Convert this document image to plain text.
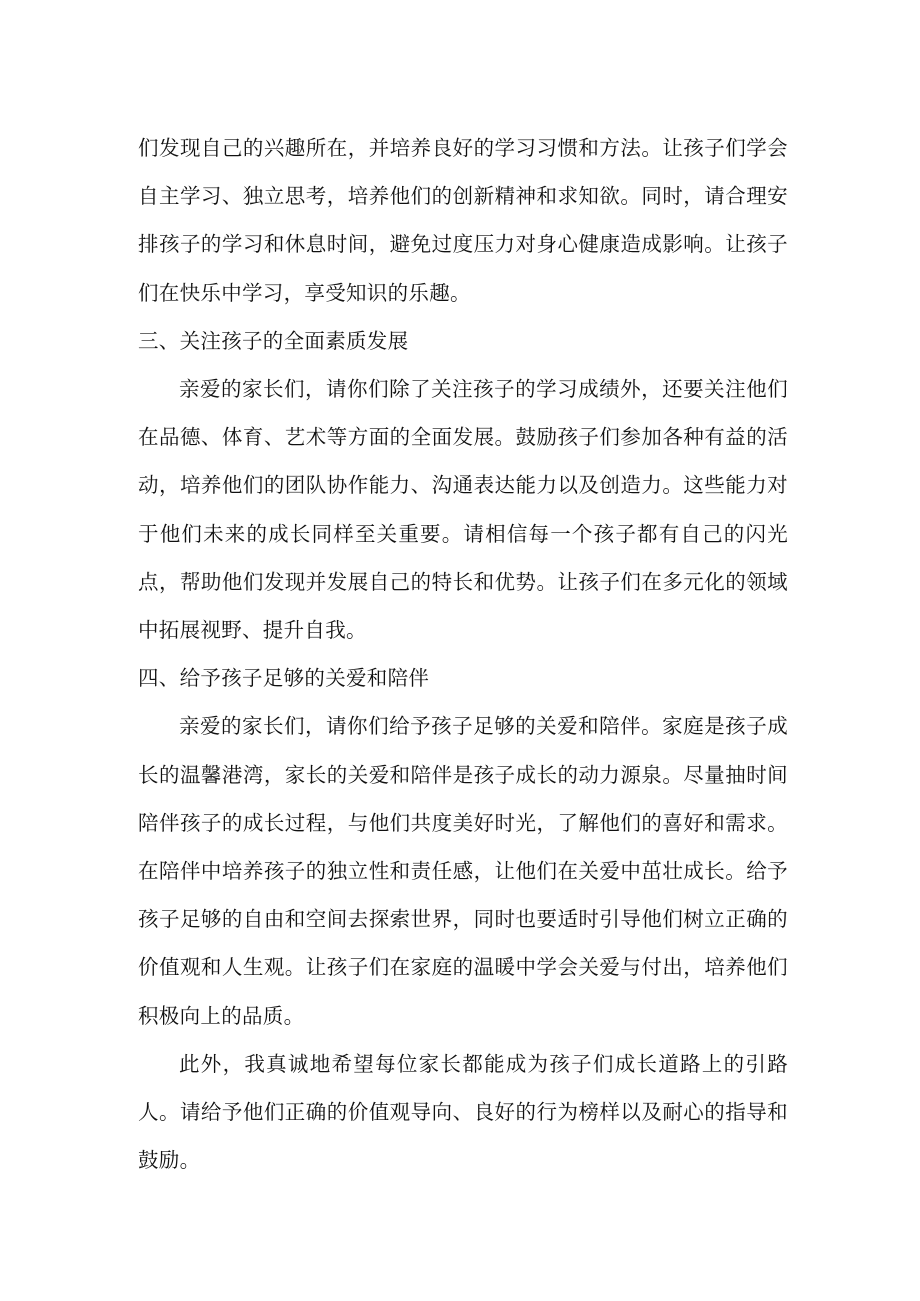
们发现自己的兴趣所在，并培养良好的学习习惯和方法。让孩子们学会自主学习、独立思考，培养他们的创新精神和求知欲。同时，请合理安排孩子的学习和休息时间，避免过度压力对身心健康造成影响。让孩子们在快乐中学习，享受知识的乐趣。

三、关注孩子的全面素质发展

亲爱的家长们，请你们除了关注孩子的学习成绩外，还要关注他们在品德、体育、艺术等方面的全面发展。鼓励孩子们参加各种有益的活动，培养他们的团队协作能力、沟通表达能力以及创造力。这些能力对于他们未来的成长同样至关重要。请相信每一个孩子都有自己的闪光点，帮助他们发现并发展自己的特长和优势。让孩子们在多元化的领域中拓展视野、提升自我。

四、给予孩子足够的关爱和陪伴

亲爱的家长们，请你们给予孩子足够的关爱和陪伴。家庭是孩子成长的温馨港湾，家长的关爱和陪伴是孩子成长的动力源泉。尽量抽时间陪伴孩子的成长过程，与他们共度美好时光，了解他们的喜好和需求。在陪伴中培养孩子的独立性和责任感，让他们在关爱中茁壮成长。给予孩子足够的自由和空间去探索世界，同时也要适时引导他们树立正确的价值观和人生观。让孩子们在家庭的温暖中学会关爱与付出，培养他们积极向上的品质。

此外，我真诚地希望每位家长都能成为孩子们成长道路上的引路人。请给予他们正确的价值观导向、良好的行为榜样以及耐心的指导和鼓励。
